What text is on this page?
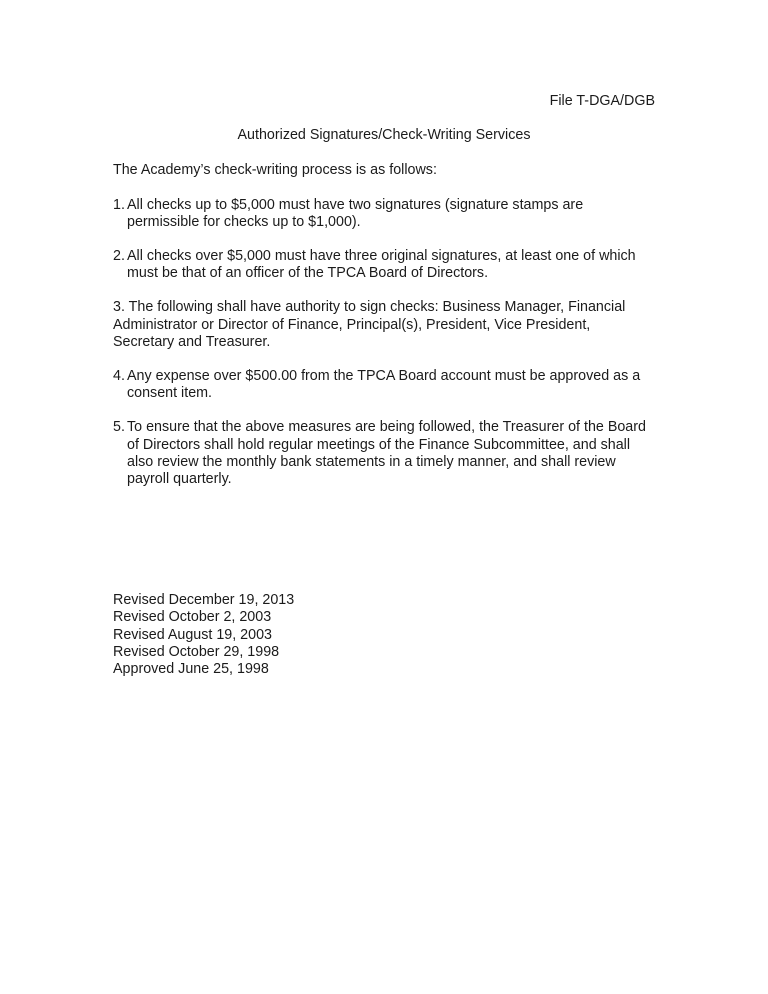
File T-DGA/DGB

Authorized Signatures/Check-Writing Services

The Academy’s check-writing process is as follows:

1. All checks up to $5,000 must have two signatures (signature stamps are permissible for checks up to $1,000).
2. All checks over $5,000 must have three original signatures, at least one of which must be that of an officer of the TPCA Board of Directors.
3. The following shall have authority to sign checks: Business Manager, Financial Administrator or Director of Finance, Principal(s), President, Vice President, Secretary and Treasurer.
4. Any expense over $500.00 from the TPCA Board account must be approved as a consent item.
5. To ensure that the above measures are being followed, the Treasurer of the Board of Directors shall hold regular meetings of the Finance Subcommittee, and shall also review the monthly bank statements in a timely manner, and shall review payroll quarterly.

Revised December 19, 2013

Revised October 2, 2003

Revised August 19, 2003

Revised October 29, 1998

Approved June 25, 1998
